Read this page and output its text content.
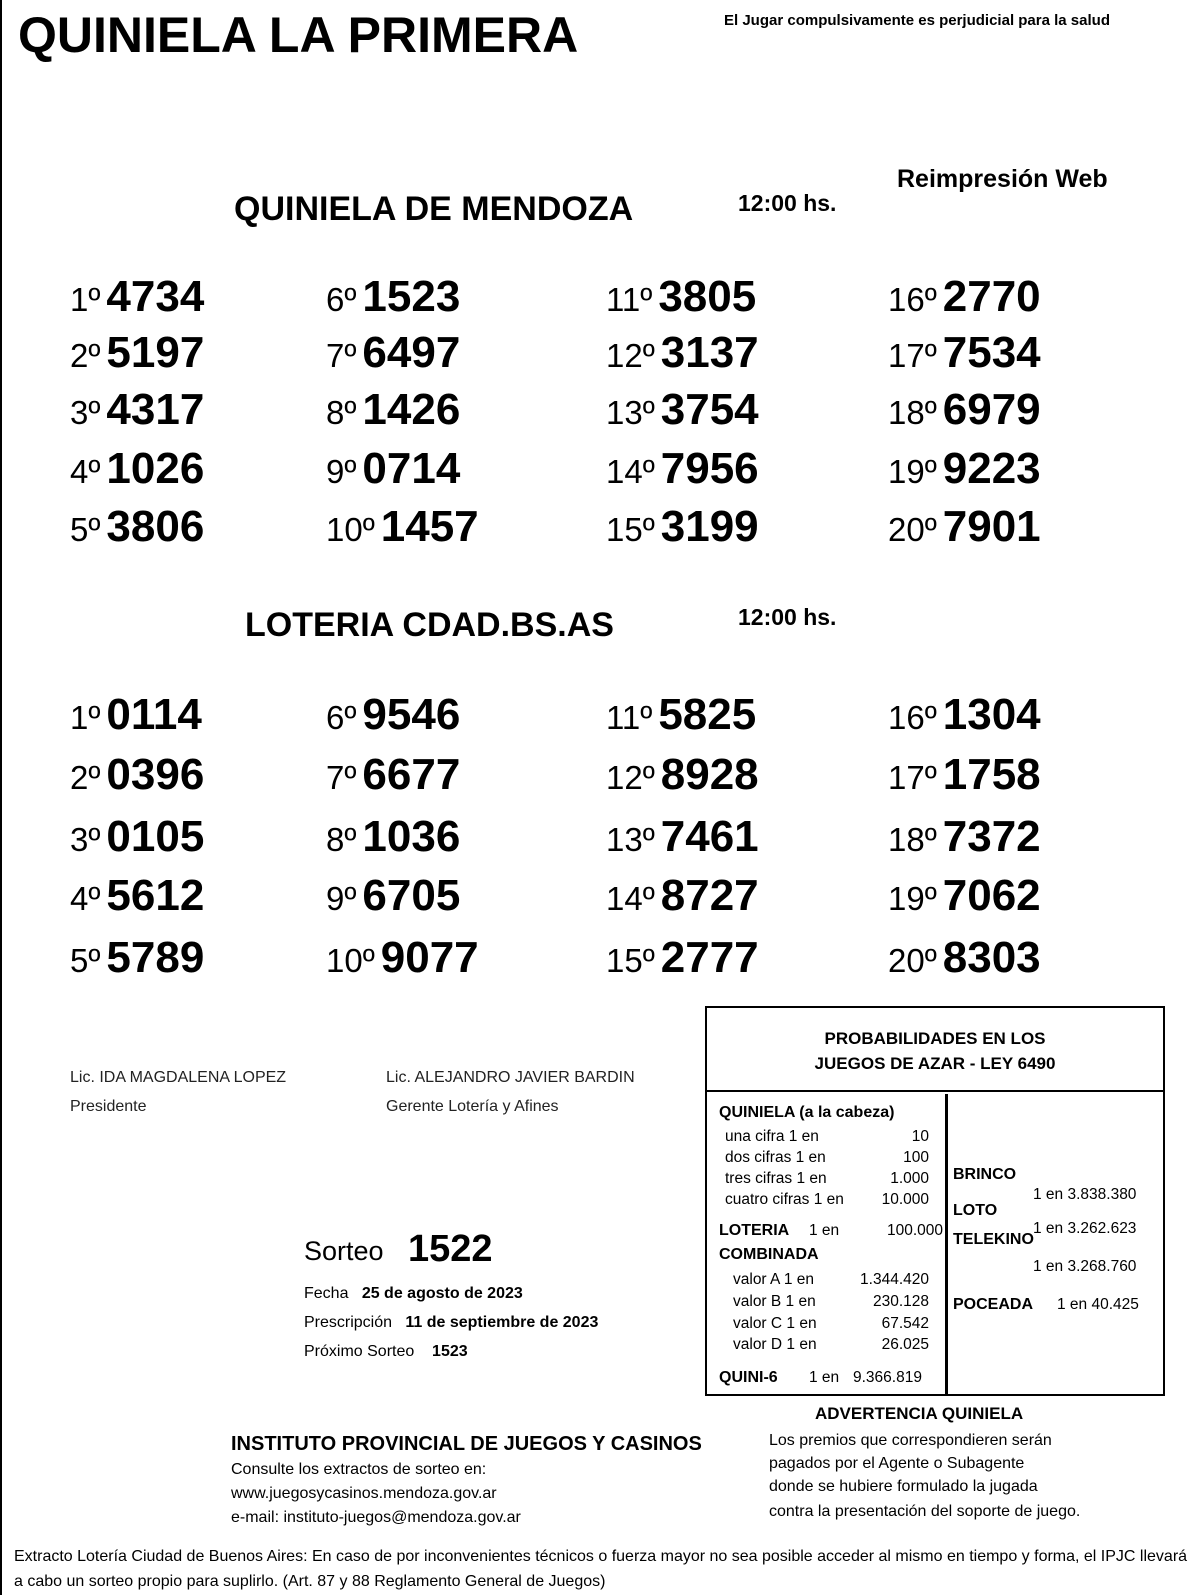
QUINIELA LA PRIMERA	El Jugar compulsivamente es perjudicial para la salud
Reimpresión Web
QUINIELA DE MENDOZA	12:00 hs.
1º 4734
2º 5197
3º 4317
4º 1026
5º 3806
6º 1523
7º 6497
8º 1426
9º 0714
10º 1457
11º 3805
12º 3137
13º 3754
14º 7956
15º 3199
16º 2770
17º 7534
18º 6979
19º 9223
20º 7901
LOTERIA CDAD.BS.AS	12:00 hs.
1º 0114
2º 0396
3º 0105
4º 5612
5º 5789
6º 9546
7º 6677
8º 1036
9º 6705
10º 9077
11º 5825
12º 8928
13º 7461
14º 8727
15º 2777
16º 1304
17º 1758
18º 7372
19º 7062
20º 8303
Lic. IDA MAGDALENA LOPEZ
Presidente
Lic. ALEJANDRO JAVIER BARDIN
Gerente Lotería y Afines
PROBABILIDADES EN LOS
JUEGOS DE AZAR - LEY 6490
QUINIELA (a la cabeza)
una cifra 1 en	10
dos cifras 1 en	100
tres cifras 1 en	1.000
cuatro cifras 1 en	10.000
LOTERIA 1 en	100.000
COMBINADA
valor A 1 en	1.344.420
valor B 1 en	230.128
valor C 1 en	67.542
valor D 1 en	26.025
QUINI-6 1 en 9.366.819
BRINCO
1 en 3.838.380
LOTO
1 en 3.262.623
TELEKINO
1 en 3.268.760
POCEADA 1 en 40.425
Sorteo 1522
Fecha 25 de agosto de 2023
Prescripción 11 de septiembre de 2023
Próximo Sorteo 1523
INSTITUTO PROVINCIAL DE JUEGOS Y CASINOS
Consulte los extractos de sorteo en:
www.juegosycasinos.mendoza.gov.ar
e-mail: instituto-juegos@mendoza.gov.ar
ADVERTENCIA QUINIELA
Los premios que correspondieren serán
pagados por el Agente o Subagente
donde se hubiere formulado la jugada
contra la presentación del soporte de juego.
Extracto Lotería Ciudad de Buenos Aires: En caso de por inconvenientes técnicos o fuerza mayor no sea posible acceder al mismo en tiempo y forma, el IPJC llevará a cabo un sorteo propio para suplirlo. (Art. 87 y 88 Reglamento General de Juegos)
